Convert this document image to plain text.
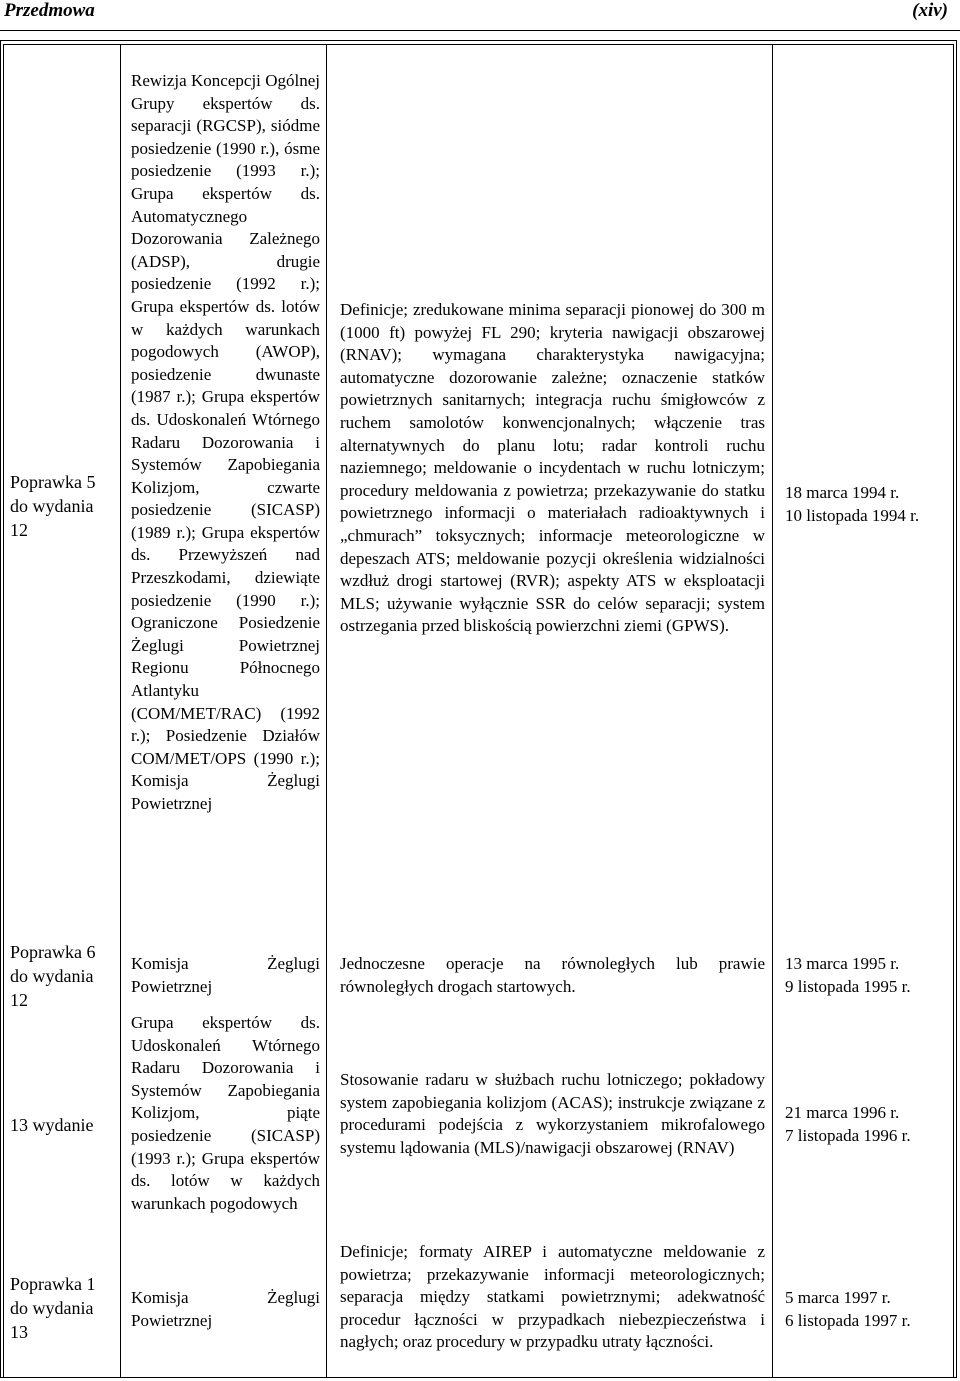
Przedmowa	(xiv)
Poprawka 5 do wydania 12
Rewizja Koncepcji Ogólnej Grupy ekspertów ds. separacji (RGCSP), siódme posiedzenie (1990 r.), ósme posiedzenie (1993 r.); Grupa ekspertów ds. Automatycznego Dozorowania Zależnego (ADSP), drugie posiedzenie (1992 r.); Grupa ekspertów ds. lotów w każdych warunkach pogodowych (AWOP), posiedzenie dwunaste (1987 r.); Grupa ekspertów ds. Udoskonaleń Wtórnego Radaru Dozorowania i Systemów Zapobiegania Kolizjom, czwarte posiedzenie (SICASP) (1989 r.); Grupa ekspertów ds. Przewyższeń nad Przeszkodami, dziewiąte posiedzenie (1990 r.); Ograniczone Posiedzenie Żeglugi Powietrznej Regionu Północnego Atlantyku (COM/MET/RAC) (1992 r.); Posiedzenie Działów COM/MET/OPS (1990 r.); Komisja Żeglugi Powietrznej
Definicje; zredukowane minima separacji pionowej do 300 m (1000 ft) powyżej FL 290; kryteria nawigacji obszarowej (RNAV); wymagana charakterystyka nawigacyjna; automatyczne dozorowanie zależne; oznaczenie statków powietrznych sanitarnych; integracja ruchu śmigłowców z ruchem samolotów konwencjonalnych; włączenie tras alternatywnych do planu lotu; radar kontroli ruchu naziemnego; meldowanie o incydentach w ruchu lotniczym; procedury meldowania z powietrza; przekazywanie do statku powietrznego informacji o materiałach radioaktywnych i „chmurach” toksycznych; informacje meteorologiczne w depeszach ATS; meldowanie pozycji określenia widzialności wzdłuż drogi startowej (RVR); aspekty ATS w eksploatacji MLS; używanie wyłącznie SSR do celów separacji; system ostrzegania przed bliskością powierzchni ziemi (GPWS).
18 marca 1994 r.
10 listopada 1994 r.
Poprawka 6 do wydania 12
Komisja Żeglugi Powietrznej
Jednoczesne operacje na równoległych lub prawie równoległych drogach startowych.
13 marca 1995 r.
9 listopada 1995 r.
13 wydanie
Grupa ekspertów ds. Udoskonaleń Wtórnego Radaru Dozorowania i Systemów Zapobiegania Kolizjom, piąte posiedzenie (SICASP) (1993 r.); Grupa ekspertów ds. lotów w każdych warunkach pogodowych
Stosowanie radaru w służbach ruchu lotniczego; pokładowy system zapobiegania kolizjom (ACAS); instrukcje związane z procedurami podejścia z wykorzystaniem mikrofalowego systemu lądowania (MLS)/nawigacji obszarowej (RNAV)
21 marca 1996 r.
7 listopada 1996 r.
Poprawka 1 do wydania 13
Komisja Żeglugi Powietrznej
Definicje; formaty AIREP i automatyczne meldowanie z powietrza; przekazywanie informacji meteorologicznych; separacja między statkami powietrznymi; adekwatność procedur łączności w przypadkach niebezpieczeństwa i nagłych; oraz procedury w przypadku utraty łączności.
5 marca 1997 r.
6 listopada 1997 r.
